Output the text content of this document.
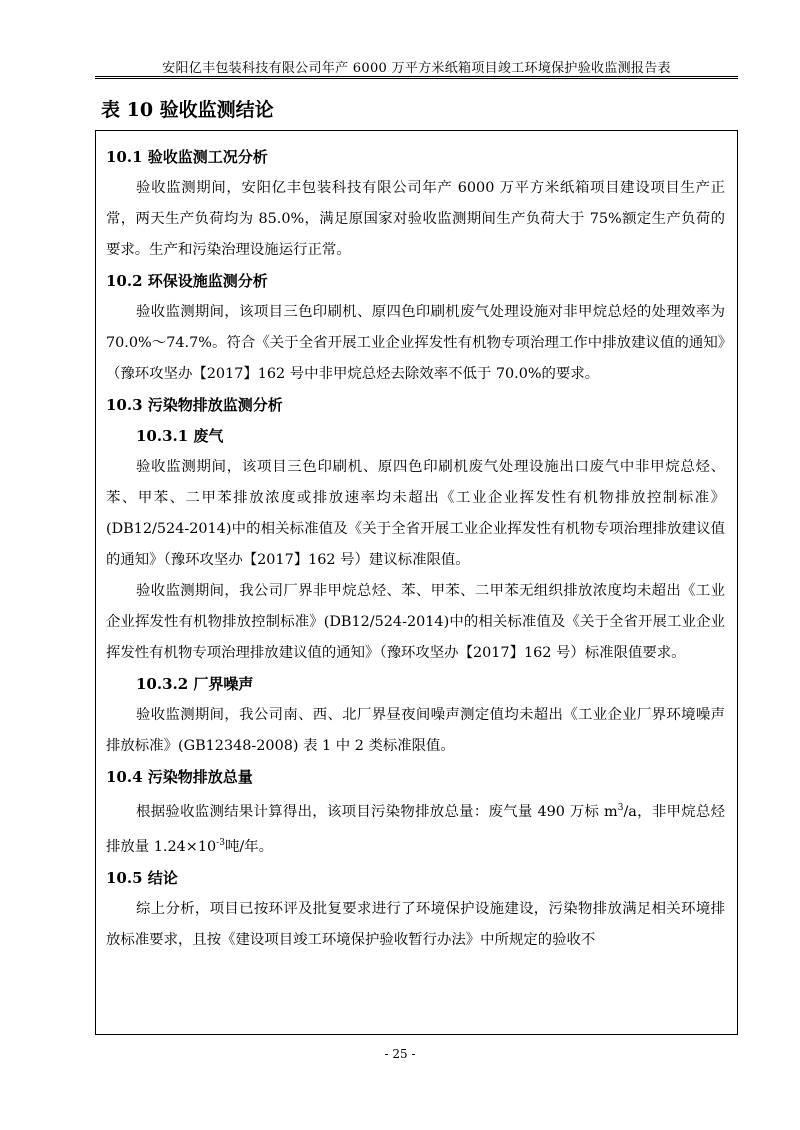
安阳亿丰包装科技有限公司年产 6000 万平方米纸箱项目竣工环境保护验收监测报告表
表 10 验收监测结论
10.1 验收监测工况分析

验收监测期间，安阳亿丰包装科技有限公司年产 6000 万平方米纸箱项目建设项目生产正常，两天生产负荷均为 85.0%，满足原国家对验收监测期间生产负荷大于 75%额定生产负荷的要求。生产和污染治理设施运行正常。

10.2 环保设施监测分析

验收监测期间，该项目三色印刷机、原四色印刷机废气处理设施对非甲烷总烃的处理效率为 70.0%～74.7%。符合《关于全省开展工业企业挥发性有机物专项治理工作中排放建议值的通知》（豫环攻坚办【2017】162 号中非甲烷总烃去除效率不低于 70.0%的要求。

10.3 污染物排放监测分析
10.3.1 废气

验收监测期间，该项目三色印刷机、原四色印刷机废气处理设施出口废气中非甲烷总烃、苯、甲苯、二甲苯排放浓度或排放速率均未超出《工业企业挥发性有机物排放控制标准》(DB12/524-2014)中的相关标准值及《关于全省开展工业企业挥发性有机物专项治理排放建议值的通知》（豫环攻坚办【2017】162 号）建议标准限值。

验收监测期间，我公司厂界非甲烷总烃、苯、甲苯、二甲苯无组织排放浓度均未超出《工业企业挥发性有机物排放控制标准》(DB12/524-2014)中的相关标准值及《关于全省开展工业企业挥发性有机物专项治理排放建议值的通知》（豫环攻坚办【2017】162 号）标准限值要求。

10.3.2 厂界噪声

验收监测期间，我公司南、西、北厂界昼夜间噪声测定值均未超出《工业企业厂界环境噪声排放标准》(GB12348-2008) 表 1 中 2 类标准限值。

10.4 污染物排放总量

根据验收监测结果计算得出，该项目污染物排放总量：废气量 490 万标 $m^3/a$，非甲烷总烃排放量 $1.24\times 10^{-3}$吨/年。

10.5 结论

综上分析，项目已按环评及批复要求进行了环境保护设施建设，污染物排放满足相关环境排放标准要求，且按《建设项目竣工环境保护验收暂行办法》中所规定的验收不

- 25 -
